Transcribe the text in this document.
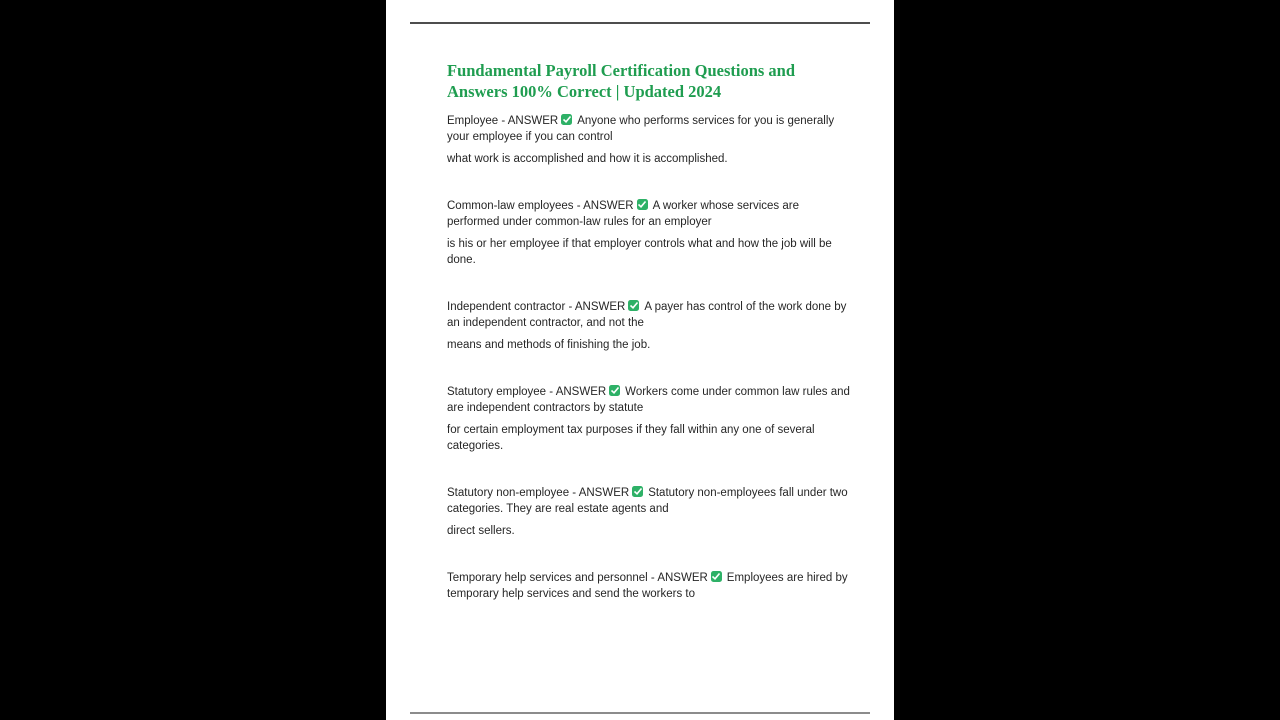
Fundamental Payroll Certification Questions and
Answers 100% Correct | Updated 2024

Employee - ANSWER Anyone who performs services for you is generally your employee if you can control

what work is accomplished and how it is accomplished.

Common-law employees - ANSWER A worker whose services are performed under common-law rules for an employer

is his or her employee if that employer controls what and how the job will be done.

Independent contractor - ANSWER A payer has control of the work done by an independent contractor, and not the

means and methods of finishing the job.

Statutory employee - ANSWER Workers come under common law rules and are independent contractors by statute

for certain employment tax purposes if they fall within any one of several categories.

Statutory non-employee - ANSWER Statutory non-employees fall under two categories. They are real estate agents and

direct sellers.

Temporary help services and personnel - ANSWER Employees are hired by temporary help services and send the workers to
